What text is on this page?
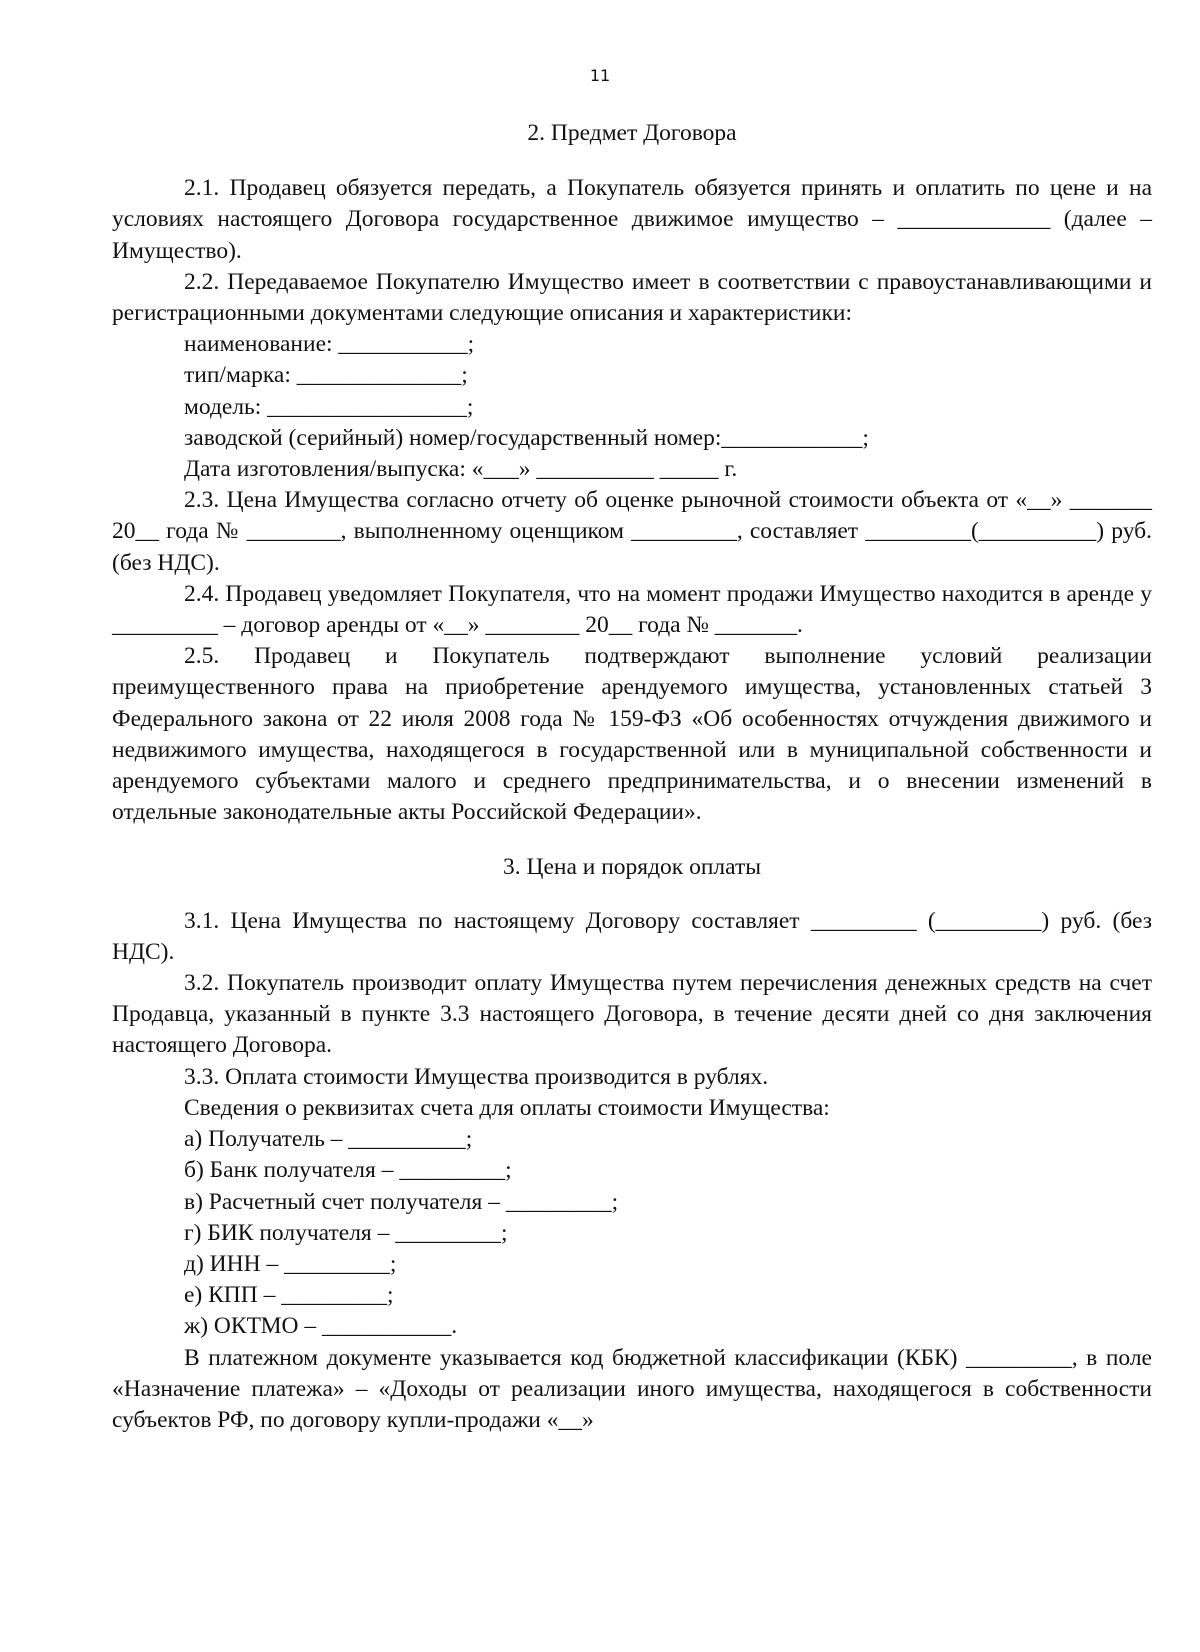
11

2. Предмет Договора

2.1. Продавец обязуется передать, а Покупатель обязуется принять и оплатить по цене и на условиях настоящего Договора государственное движимое имущество – _____________ (далее – Имущество).

2.2. Передаваемое Покупателю Имущество имеет в соответствии с правоустанавливающими и регистрационными документами следующие описания и характеристики:

наименование: ___________;

тип/марка: ______________;

модель: _________________;

заводской (серийный) номер/государственный номер:____________;

Дата изготовления/выпуска: «___» __________ _____ г.

2.3. Цена Имущества согласно отчету об оценке рыночной стоимости объекта от «__» _______ 20__ года № ________, выполненному оценщиком _________, составляет _________(__________) руб. (без НДС).

2.4. Продавец уведомляет Покупателя, что на момент продажи Имущество находится в аренде у _________ – договор аренды от «__» ________ 20__ года № _______.

2.5. Продавец и Покупатель подтверждают выполнение условий реализации преимущественного права на приобретение арендуемого имущества, установленных статьей 3 Федерального закона от 22 июля 2008 года № 159-ФЗ «Об особенностях отчуждения движимого и недвижимого имущества, находящегося в государственной или в муниципальной собственности и арендуемого субъектами малого и среднего предпринимательства, и о внесении изменений в отдельные законодательные акты Российской Федерации».

3. Цена и порядок оплаты

3.1. Цена Имущества по настоящему Договору составляет _________ (_________) руб. (без НДС).

3.2. Покупатель производит оплату Имущества путем перечисления денежных средств на счет Продавца, указанный в пункте 3.3 настоящего Договора, в течение десяти дней со дня заключения настоящего Договора.

3.3. Оплата стоимости Имущества производится в рублях.

Сведения о реквизитах счета для оплаты стоимости Имущества:

а) Получатель – __________;

б) Банк получателя – _________;

в) Расчетный счет получателя – _________;

г) БИК получателя – _________;

д) ИНН – _________;

е) КПП – _________;

ж) ОКТМО – ___________.

В платежном документе указывается код бюджетной классификации (КБК) _________, в поле «Назначение платежа» – «Доходы от реализации иного имущества, находящегося в собственности субъектов РФ, по договору купли-продажи «__»
